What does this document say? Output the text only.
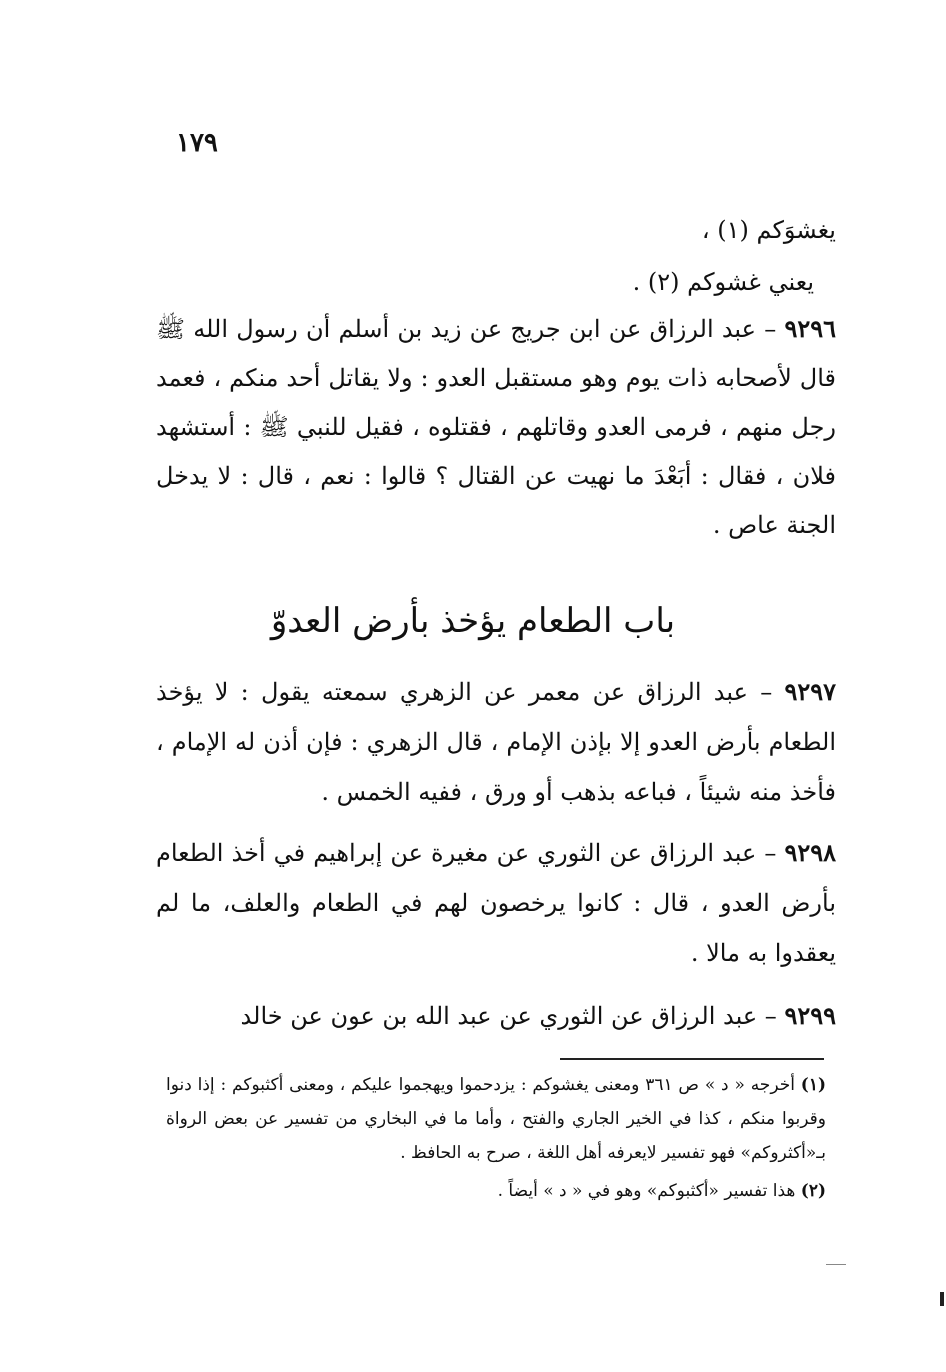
١٧٩
يغشوَكم (١) ،
يعني غشوكم (٢) .
٩٢٩٦ – عبد الرزاق عن ابن جريج عن زيد بن أسلم أن رسول الله ﷺ قال لأصحابه ذات يوم وهو مستقبل العدو : ولا يقاتل أحد منكم ، فعمد رجل منهم ، فرمى العدو وقاتلهم ، فقتلوه ، فقيل للنبي ﷺ : أستشهد فلان ، فقال : أبَعْدَ ما نهيت عن القتال ؟ قالوا : نعم ، قال : لا يدخل الجنة عاص .
باب الطعام يؤخذ بأرض العدوّ
٩٢٩٧ – عبد الرزاق عن معمر عن الزهري سمعته يقول : لا يؤخذ الطعام بأرض العدو إلا بإذن الإمام ، قال الزهري : فإن أذن له الإمام ، فأخذ منه شيئاً ، فباعه بذهب أو ورق ، ففيه الخمس .
٩٢٩٨ – عبد الرزاق عن الثوري عن مغيرة عن إبراهيم في أخذ الطعام بأرض العدو ، قال : كانوا يرخصون لهم في الطعام والعلف، ما لم يعقدوا به مالا .
٩٢٩٩ – عبد الرزاق عن الثوري عن عبد الله بن عون عن خالد

(١) أخرجه « د » ص ٣٦١ ومعنى يغشوكم : يزدحموا ويهجموا عليكم ، ومعنى أكثبوكم : إذا دنوا وقربوا منكم ، كذا في الخير الجاري والفتح ، وأما ما في البخاري من تفسير عن بعض الرواة بـ«أكثروكم» فهو تفسير لايعرفه أهل اللغة ، صرح به الحافظ .

(٢) هذا تفسير «أكثبوكم» وهو في « د » أيضاً .
